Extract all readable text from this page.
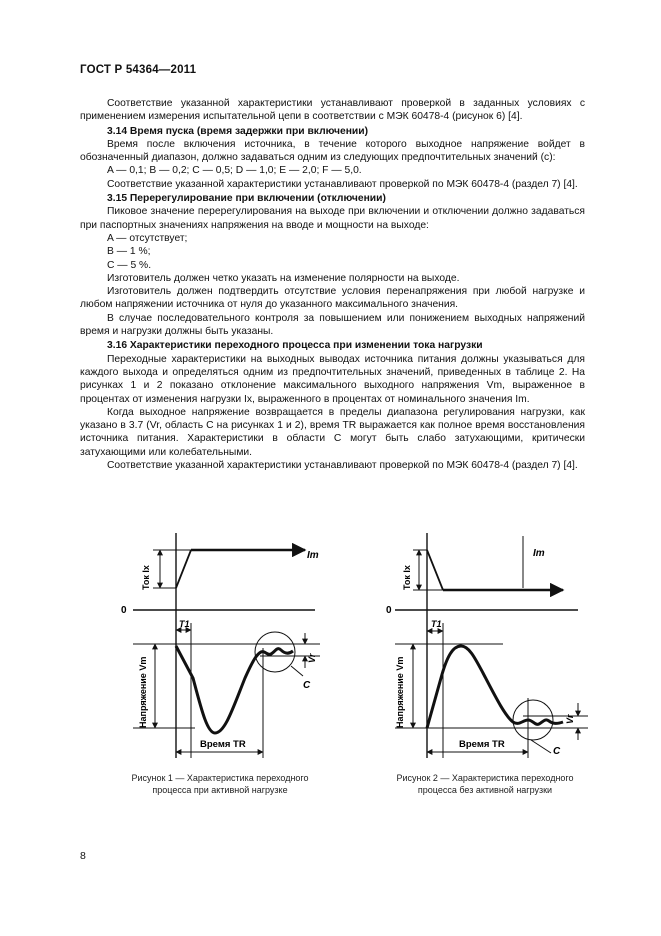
ГОСТ Р 54364—2011

Соответствие указанной характеристики устанавливают проверкой в заданных условиях с применением измерения испытательной цепи в соответствии с МЭК 60478-4 (рисунок 6) [4].

3.14 Время пуска (время задержки при включении)

Время после включения источника, в течение которого выходное напряжение войдет в обозначенный диапазон, должно задаваться одним из следующих предпочтительных значений (с):

A — 0,1; B — 0,2; C — 0,5; D — 1,0; E — 2,0; F — 5,0.

Соответствие указанной характеристики устанавливают проверкой по МЭК 60478-4 (раздел 7) [4].

3.15 Перерегулирование при включении (отключении)

Пиковое значение перерегулирования на выходе при включении и отключении должно задаваться при паспортных значениях напряжения на вводе и мощности на выходе:

A — отсутствует;

B — 1 %;

C — 5 %.

Изготовитель должен четко указать на изменение полярности на выходе.

Изготовитель должен подтвердить отсутствие условия перенапряжения при любой нагрузке и любом напряжении источника от нуля до указанного максимального значения.

В случае последовательного контроля за повышением или понижением выходных напряжений время и нагрузки должны быть указаны.

3.16 Характеристики переходного процесса при изменении тока нагрузки

Переходные характеристики на выходных выводах источника питания должны указываться для каждого выхода и определяться одним из предпочтительных значений, приведенных в таблице 2. На рисунках 1 и 2 показано отклонение максимального выходного напряжения Vm, выраженное в процентах от изменения нагрузки Ix, выраженного в процентах от номинального значения Im.

Когда выходное напряжение возвращается в пределы диапазона регулирования нагрузки, как указано в 3.7 (Vr, область C на рисунках 1 и 2), время TR выражается как полное время восстановления источника питания. Характеристики в области C могут быть слабо затухающими, критически затухающими или колебательными.

Соответствие указанной характеристики устанавливают проверкой по МЭК 60478-4 (раздел 7) [4].

Im
0
T1
Ток Ix
Напряжение Vm	Vr
C
Время TR
Рисунок 1 — Характеристика переходного
процесса при активной нагрузке
Im
0
T1
Ток Ix
Напряжение Vm	Vr
C
Время TR
Рисунок 2 — Характеристика переходного
процесса без активной нагрузки
8
